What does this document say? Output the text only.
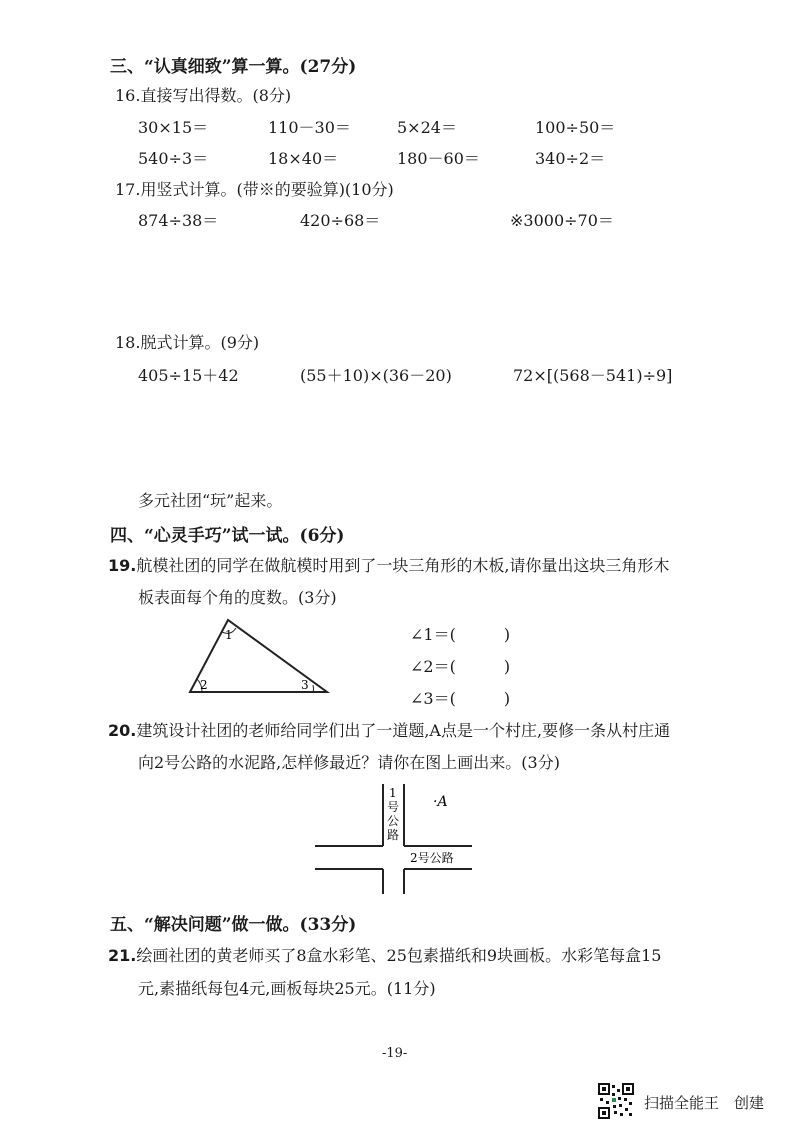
三、“认真细致”算一算。(27分)
16.直接写出得数。(8分)
30×15＝	110－30＝	5×24＝	100÷50＝
540÷3＝	18×40＝	180－60＝	340÷2＝
17.用竖式计算。(带※的要验算)(10分)
874÷38＝	420÷68＝	※3000÷70＝
18.脱式计算。(9分)
405÷15＋42	(55＋10)×(36－20)	72×[(568－541)÷9]
多元社团“玩”起来。
四、“心灵手巧”试一试。(6分)
19.航模社团的同学在做航模时用到了一块三角形的木板,请你量出这块三角形木
板表面每个角的度数。(3分)
1
2	3
∠1＝(　　　)
∠2＝(　　　)
∠3＝(　　　)
20.建筑设计社团的老师给同学们出了一道题,A点是一个村庄,要修一条从村庄通
向2号公路的水泥路,怎样修最近？请你在图上画出来。(3分)
1
号
公
路
2号公路
·A
五、“解决问题”做一做。(33分)
21.绘画社团的黄老师买了8盒水彩笔、25包素描纸和9块画板。水彩笔每盒15
元,素描纸每包4元,画板每块25元。(11分)
-19-
扫描全能王　创建
